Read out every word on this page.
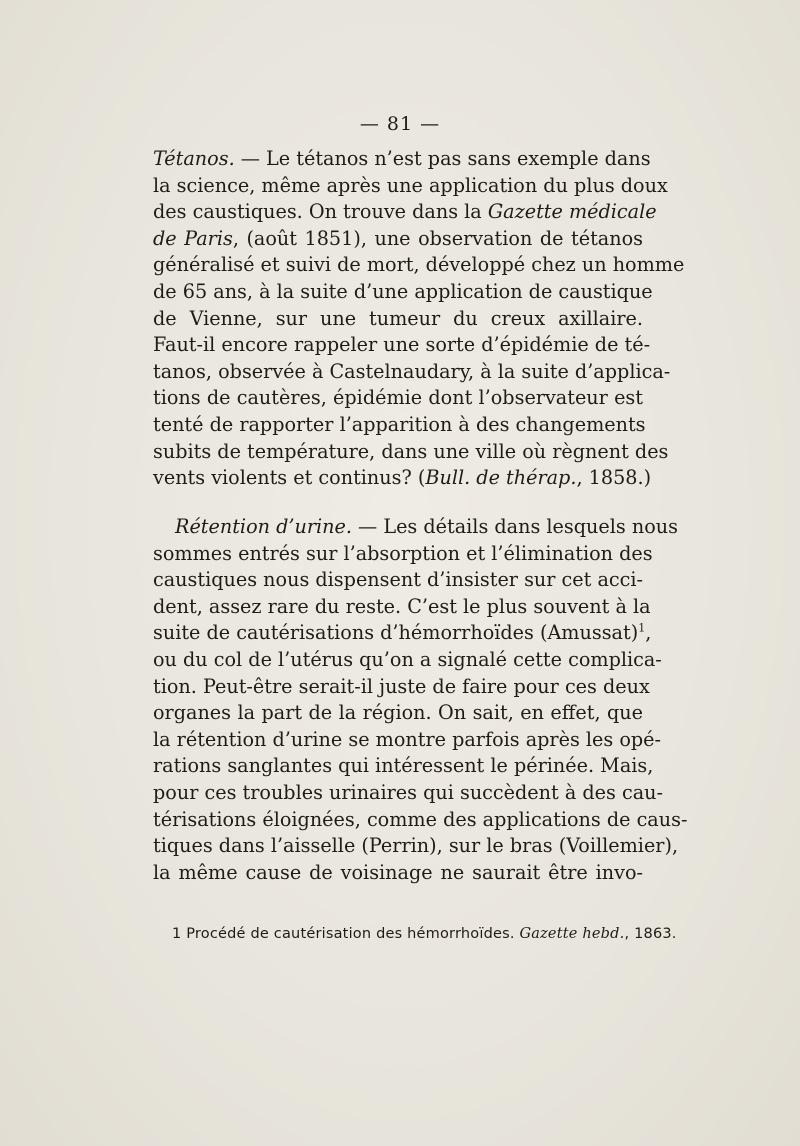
— 81 —
Tétanos. — Le tétanos n’est pas sans exemple dans
la science, même après une application du plus doux
des caustiques. On trouve dans la Gazette médicale
de Paris, (août 1851), une observation de tétanos
généralisé et suivi de mort, développé chez un homme
de 65 ans, à la suite d’une application de caustique
de Vienne, sur une tumeur du creux axillaire.
Faut-il encore rappeler une sorte d’épidémie de té-
tanos, observée à Castelnaudary, à la suite d’applica-
tions de cautères, épidémie dont l’observateur est
tenté de rapporter l’apparition à des changements
subits de température, dans une ville où règnent des
vents violents et continus? (Bull. de thérap., 1858.)
Rétention d’urine. — Les détails dans lesquels nous
sommes entrés sur l’absorption et l’élimination des
caustiques nous dispensent d’insister sur cet acci-
dent, assez rare du reste. C’est le plus souvent à la
suite de cautérisations d’hémorrhoïdes (Amussat)$^1$,
ou du col de l’utérus qu’on a signalé cette complica-
tion. Peut-être serait-il juste de faire pour ces deux
organes la part de la région. On sait, en effet, que
la rétention d’urine se montre parfois après les opé-
rations sanglantes qui intéressent le périnée. Mais,
pour ces troubles urinaires qui succèdent à des cau-
térisations éloignées, comme des applications de caus-
tiques dans l’aisselle (Perrin), sur le bras (Voillemier),
la même cause de voisinage ne saurait être invo-
1 Procédé de cautérisation des hémorrhoïdes. Gazette hebd., 1863.
